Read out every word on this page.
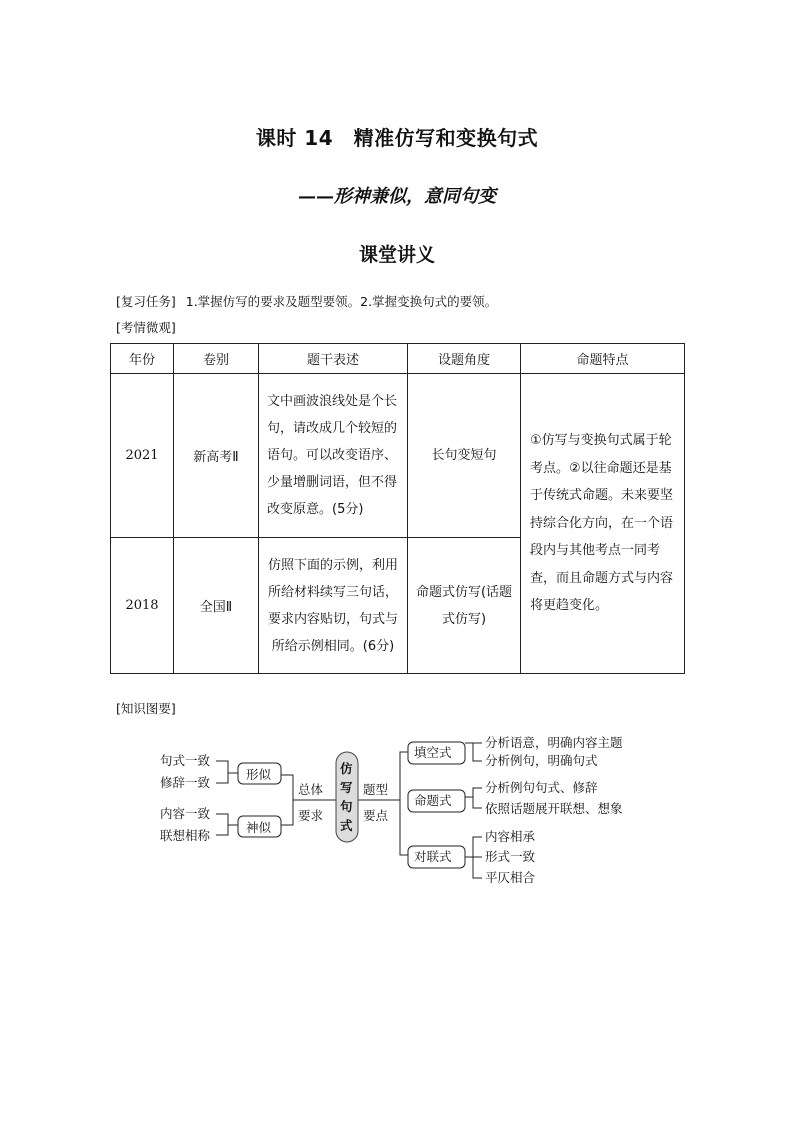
课时 14　精准仿写和变换句式
——形神兼似，意同句变
课堂讲义
[复习任务] 1.掌握仿写的要求及题型要领。2.掌握变换句式的要领。
[考情微观]
年份	卷别	题干表述	设题角度	命题特点
2021	新高考Ⅱ	文中画波浪线处是个长句，请改成几个较短的语句。可以改变语序、少量增删词语，但不得改变原意。(5分)	长句变短句	①仿写与变换句式属于轮考点。②以往命题还是基于传统式命题。未来要坚持综合化方向，在一个语段内与其他考点一同考查，而且命题方式与内容将更趋变化。
2018	全国Ⅱ	仿照下面的示例，利用所给材料续写三句话，要求内容贴切，句式与所给示例相同。(6分)	命题式仿写(话题式仿写)	
[知识图要]
句式一致
修辞一致
内容一致
联想相称
形似
神似
总体
要求
仿
写
句
式
题型
要点
填空式
命题式
对联式
分析语意，明确内容主题
分析例句，明确句式
分析例句句式、修辞
依照话题展开联想、想象
内容相承
形式一致
平仄相合
